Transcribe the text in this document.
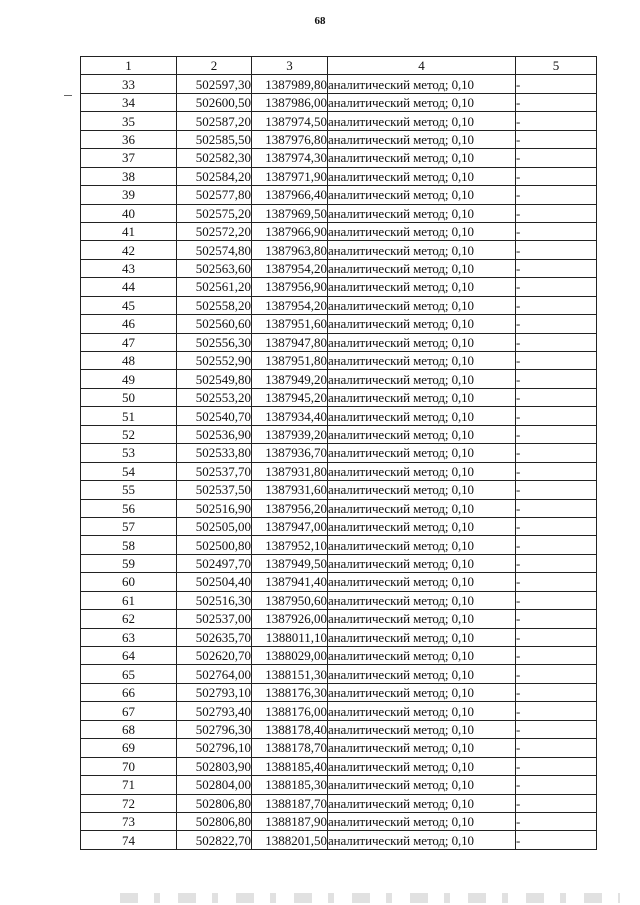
68
1	2	3	4	5
33	502597,30	1387989,80	аналитический метод; 0,10	-
34	502600,50	1387986,00	аналитический метод; 0,10	-
35	502587,20	1387974,50	аналитический метод; 0,10	-
36	502585,50	1387976,80	аналитический метод; 0,10	-
37	502582,30	1387974,30	аналитический метод; 0,10	-
38	502584,20	1387971,90	аналитический метод; 0,10	-
39	502577,80	1387966,40	аналитический метод; 0,10	-
40	502575,20	1387969,50	аналитический метод; 0,10	-
41	502572,20	1387966,90	аналитический метод; 0,10	-
42	502574,80	1387963,80	аналитический метод; 0,10	-
43	502563,60	1387954,20	аналитический метод; 0,10	-
44	502561,20	1387956,90	аналитический метод; 0,10	-
45	502558,20	1387954,20	аналитический метод; 0,10	-
46	502560,60	1387951,60	аналитический метод; 0,10	-
47	502556,30	1387947,80	аналитический метод; 0,10	-
48	502552,90	1387951,80	аналитический метод; 0,10	-
49	502549,80	1387949,20	аналитический метод; 0,10	-
50	502553,20	1387945,20	аналитический метод; 0,10	-
51	502540,70	1387934,40	аналитический метод; 0,10	-
52	502536,90	1387939,20	аналитический метод; 0,10	-
53	502533,80	1387936,70	аналитический метод; 0,10	-
54	502537,70	1387931,80	аналитический метод; 0,10	-
55	502537,50	1387931,60	аналитический метод; 0,10	-
56	502516,90	1387956,20	аналитический метод; 0,10	-
57	502505,00	1387947,00	аналитический метод; 0,10	-
58	502500,80	1387952,10	аналитический метод; 0,10	-
59	502497,70	1387949,50	аналитический метод; 0,10	-
60	502504,40	1387941,40	аналитический метод; 0,10	-
61	502516,30	1387950,60	аналитический метод; 0,10	-
62	502537,00	1387926,00	аналитический метод; 0,10	-
63	502635,70	1388011,10	аналитический метод; 0,10	-
64	502620,70	1388029,00	аналитический метод; 0,10	-
65	502764,00	1388151,30	аналитический метод; 0,10	-
66	502793,10	1388176,30	аналитический метод; 0,10	-
67	502793,40	1388176,00	аналитический метод; 0,10	-
68	502796,30	1388178,40	аналитический метод; 0,10	-
69	502796,10	1388178,70	аналитический метод; 0,10	-
70	502803,90	1388185,40	аналитический метод; 0,10	-
71	502804,00	1388185,30	аналитический метод; 0,10	-
72	502806,80	1388187,70	аналитический метод; 0,10	-
73	502806,80	1388187,90	аналитический метод; 0,10	-
74	502822,70	1388201,50	аналитический метод; 0,10	-
